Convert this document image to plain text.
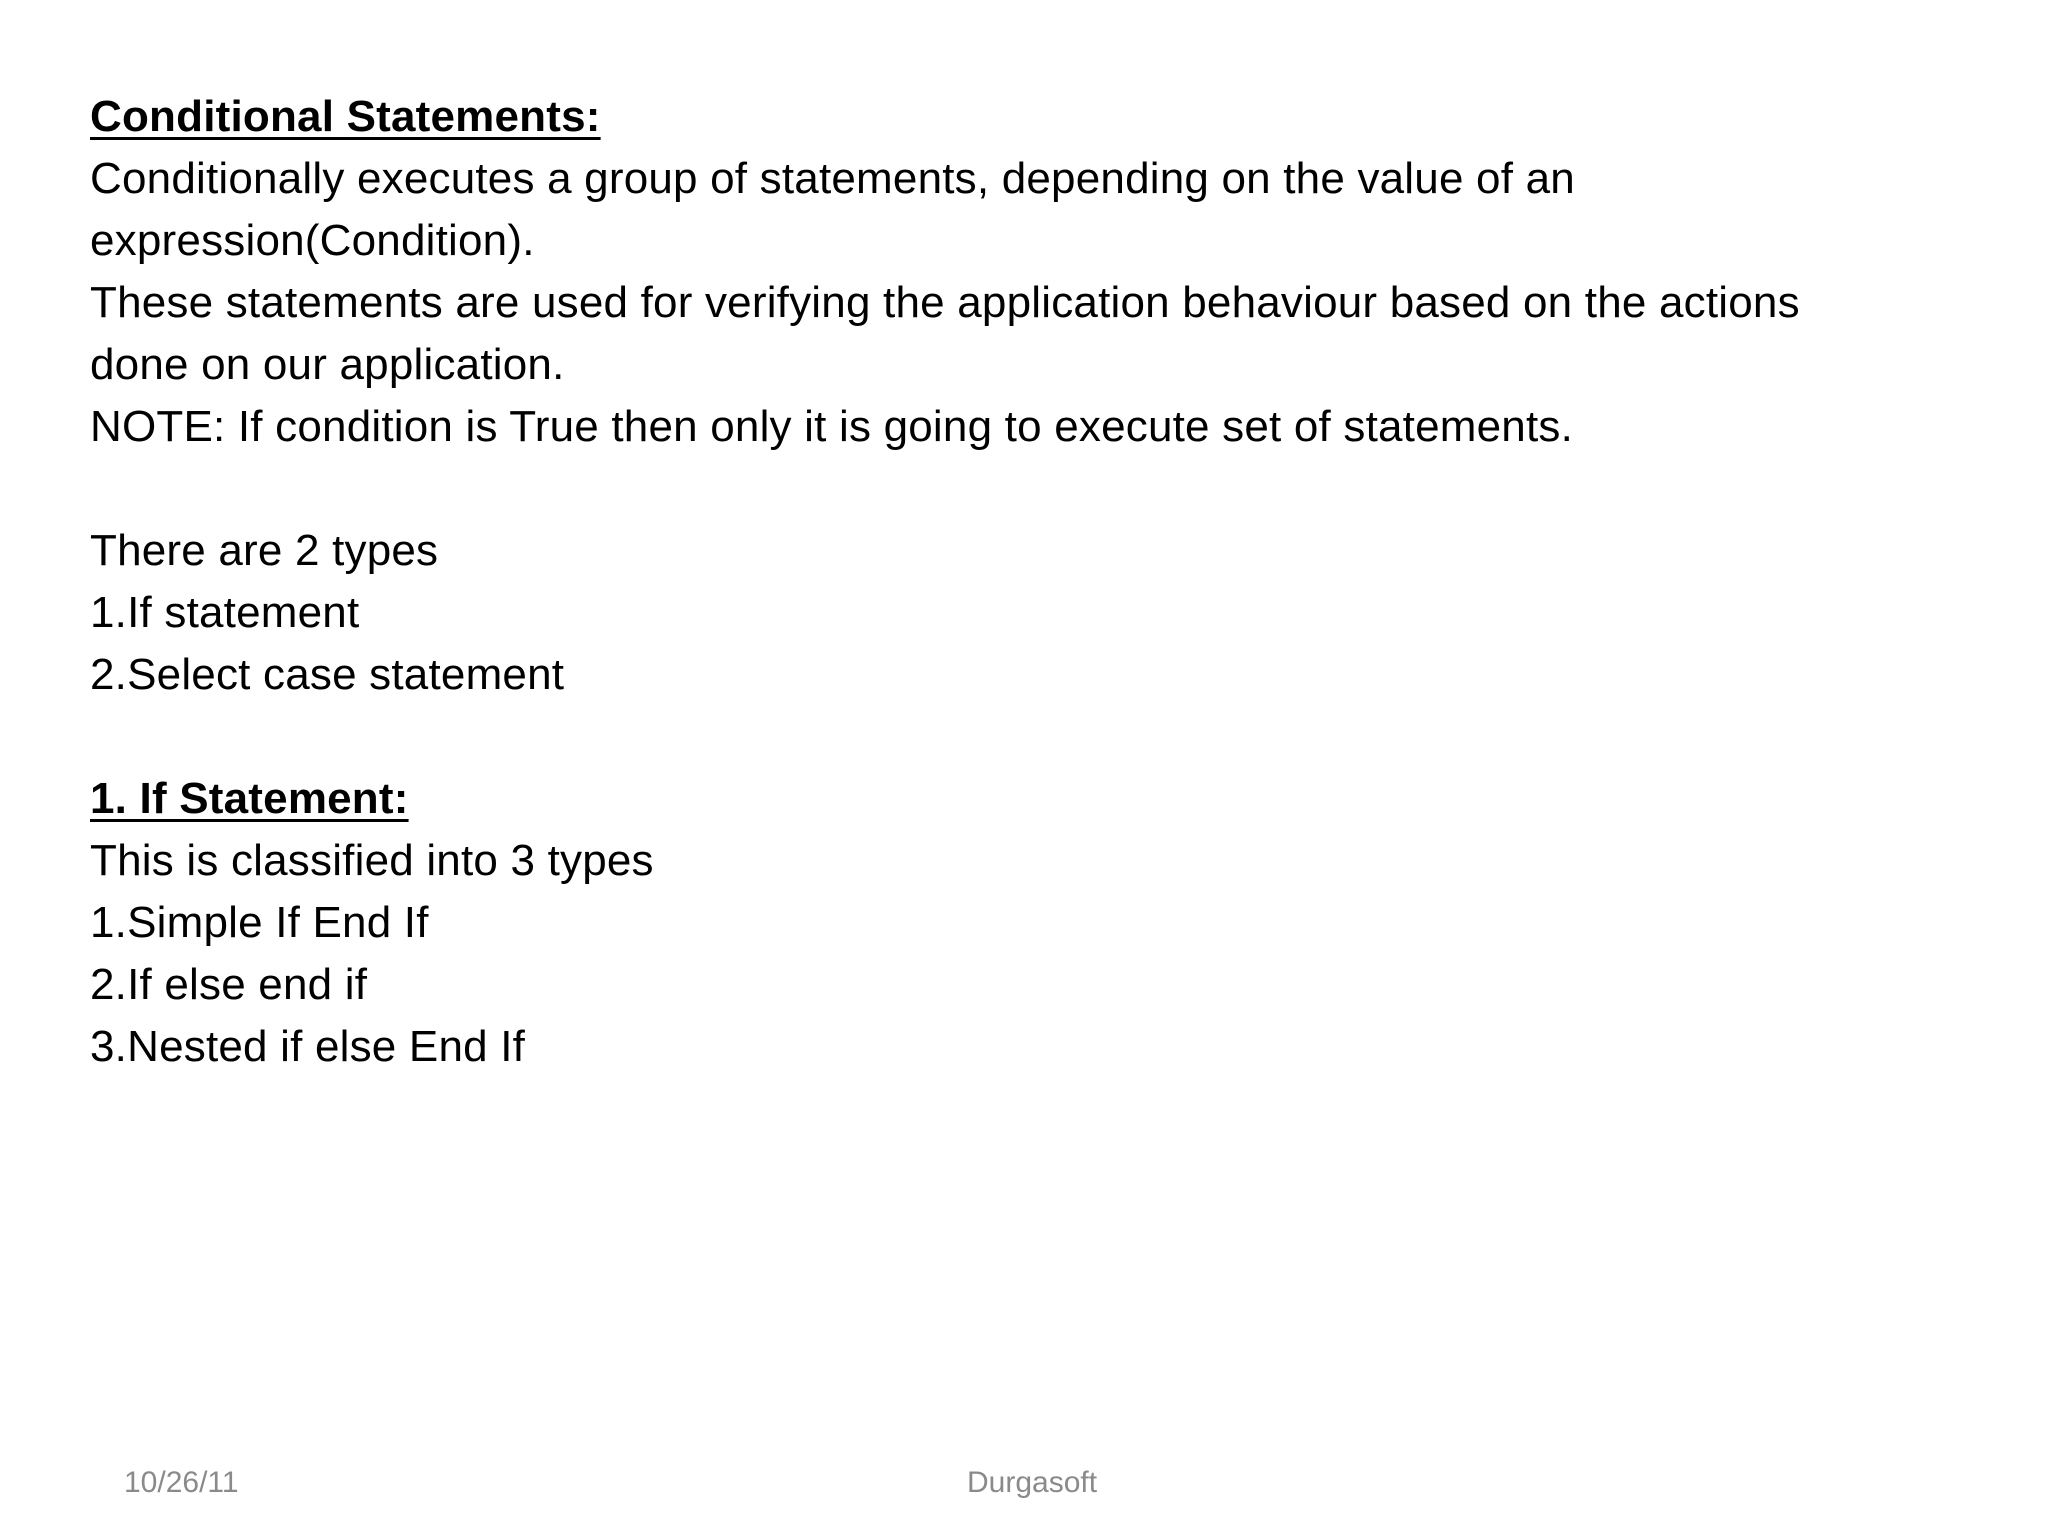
Conditional Statements:
Conditionally executes a group of statements, depending on the value of an
expression(Condition).
These statements are used for verifying the application behaviour based on the actions
done on our application.
NOTE: If condition is True then only it is going to execute set of statements.
There are 2 types
1.If statement
2.Select case statement
1. If Statement:
This is classified into 3 types
1.Simple If End If
2.If else end if
3.Nested if else End If
10/26/11	Durgasoft
